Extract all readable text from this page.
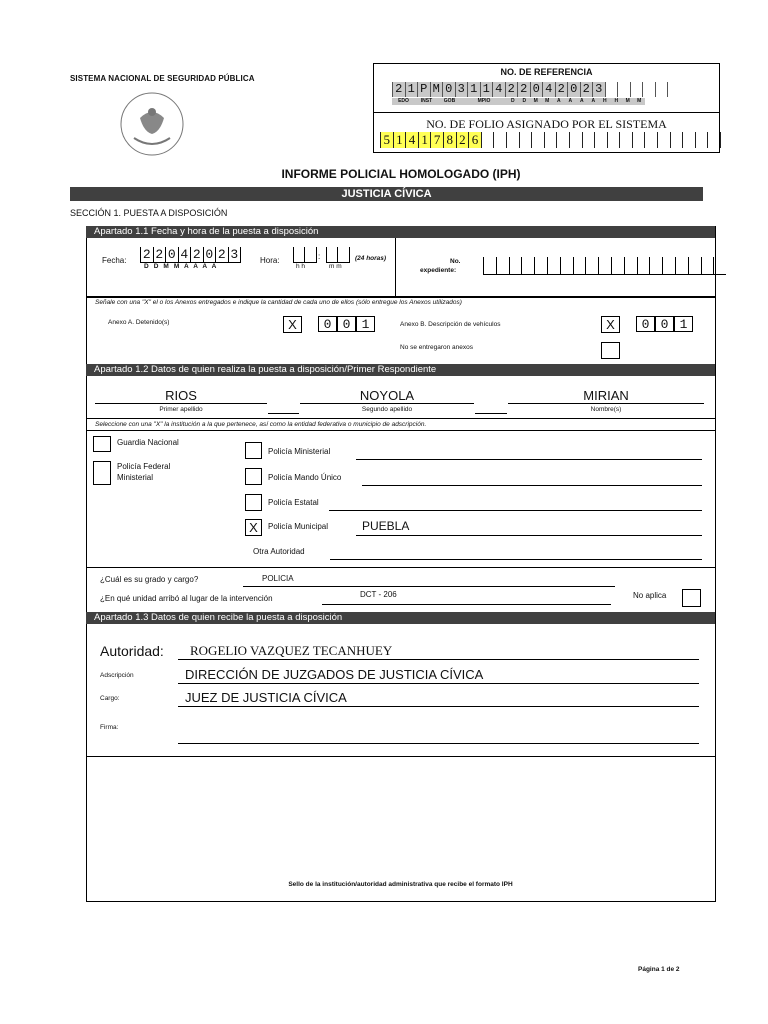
SISTEMA NACIONAL DE SEGURIDAD PÚBLICA
NO. DE REFERENCIA
2 1 P M 0 3 1 1 4 2 2 0 4 2 0 2 3
EDO	INST	GOB	MPIO	D	D	M	M	A	A	A	A	H	H	M	M
NO. DE FOLIO ASIGNADO POR EL SISTEMA
5 1 4 1 7 8 2 6
INFORME POLICIAL HOMOLOGADO (IPH)
JUSTICIA CÍVICA
SECCIÓN 1. PUESTA A DISPOSICIÓN
Apartado 1.1 Fecha y hora de la puesta a disposición
Fecha: 2 2 0 4 2 0 2 3
D D M M A A A A
Hora:
h h
:
m m
(24 horas)	No.
expediente:
Señale con una "X" el o los Anexos entregados e indique la cantidad de cada uno de ellos (sólo entregue los Anexos utilizados)
Anexo A. Detenido(s)	X	0 0 1	Anexo B. Descripción de vehículos	X	0 0 1
No se entregaron anexos
Apartado 1.2 Datos de quien realiza la puesta a disposición/Primer Respondiente
RIOS
Primer apellido
NOYOLA
Segundo apellido
MIRIAN
Nombre(s)
Seleccione con una "X" la institución a la que pertenece, así como la entidad federativa o municipio de adscripción.
Guardia Nacional
Policía Federal
Ministerial
Policía Ministerial
Policía Mando Único
Policía Estatal
X	Policía Municipal	PUEBLA
Otra Autoridad
¿Cuál es su grado y cargo?	POLICIA
¿En qué unidad arribó al lugar de la intervención	DCT - 206	No aplica
Apartado 1.3 Datos de quien recibe la puesta a disposición
Autoridad: ROGELIO VAZQUEZ TECANHUEY
Adscripción	DIRECCIÓN DE JUZGADOS DE JUSTICIA CÍVICA
Cargo:	JUEZ DE JUSTICIA CÍVICA
Firma:
Sello de la institución/autoridad administrativa que recibe el formato IPH
Página 1 de 2
